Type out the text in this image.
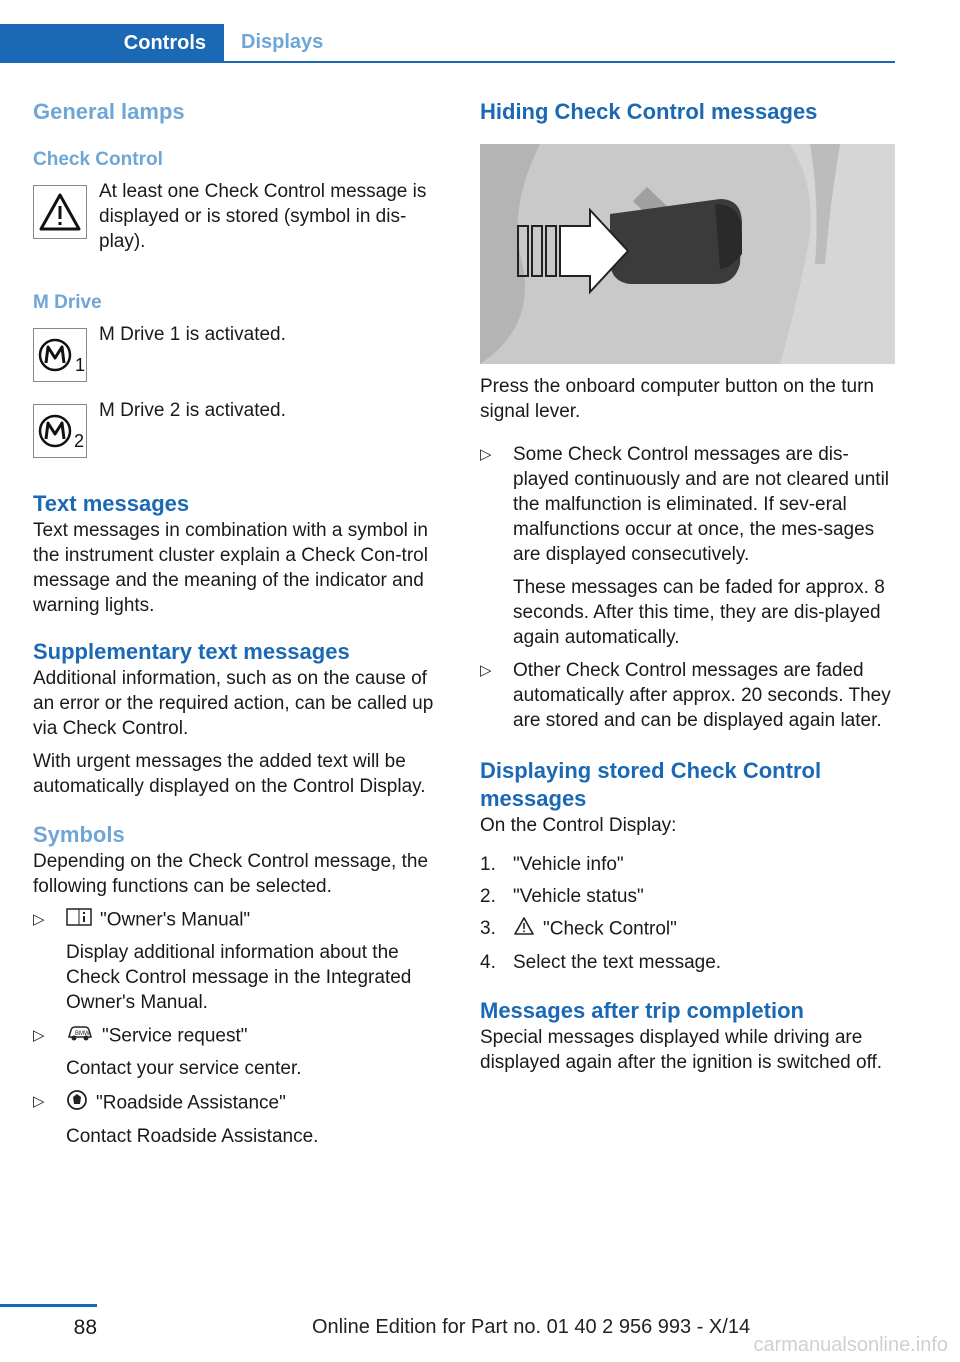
Controls	Displays
General lamps
Check Control

At least one Check Control message is displayed or is stored (symbol in dis-play).

M Drive
1

M Drive 1 is activated.

2

M Drive 2 is activated.

Text messages

Text messages in combination with a symbol in the instrument cluster explain a Check Con-trol message and the meaning of the indicator and warning lights.

Supplementary text messages

Additional information, such as on the cause of an error or the required action, can be called up via Check Control.

With urgent messages the added text will be automatically displayed on the Control Display.

Symbols

Depending on the Check Control message, the following functions can be selected.

▷	"Owner's Manual"

Display additional information about the Check Control message in the Integrated Owner's Manual.

▷	BMW "Service request"

Contact your service center.

▷	"Roadside Assistance"

Contact Roadside Assistance.

Hiding Check Control messages

Press the onboard computer button on the turn signal lever.

▷	Some Check Control messages are dis-played continuously and are not cleared until the malfunction is eliminated. If sev-eral malfunctions occur at once, the mes-sages are displayed consecutively.

These messages can be faded for approx. 8 seconds. After this time, they are dis-played again automatically.

▷	Other Check Control messages are faded automatically after approx. 20 seconds. They are stored and can be displayed again later.

Displaying stored Check Control messages

On the Control Display:

1. "Vehicle info"
2. "Vehicle status"
3.	"Check Control"
4. Select the text message.
Messages after trip completion

Special messages displayed while driving are displayed again after the ignition is switched off.

88	Online Edition for Part no. 01 40 2 956 993 - X/14
carmanualsonline.info
